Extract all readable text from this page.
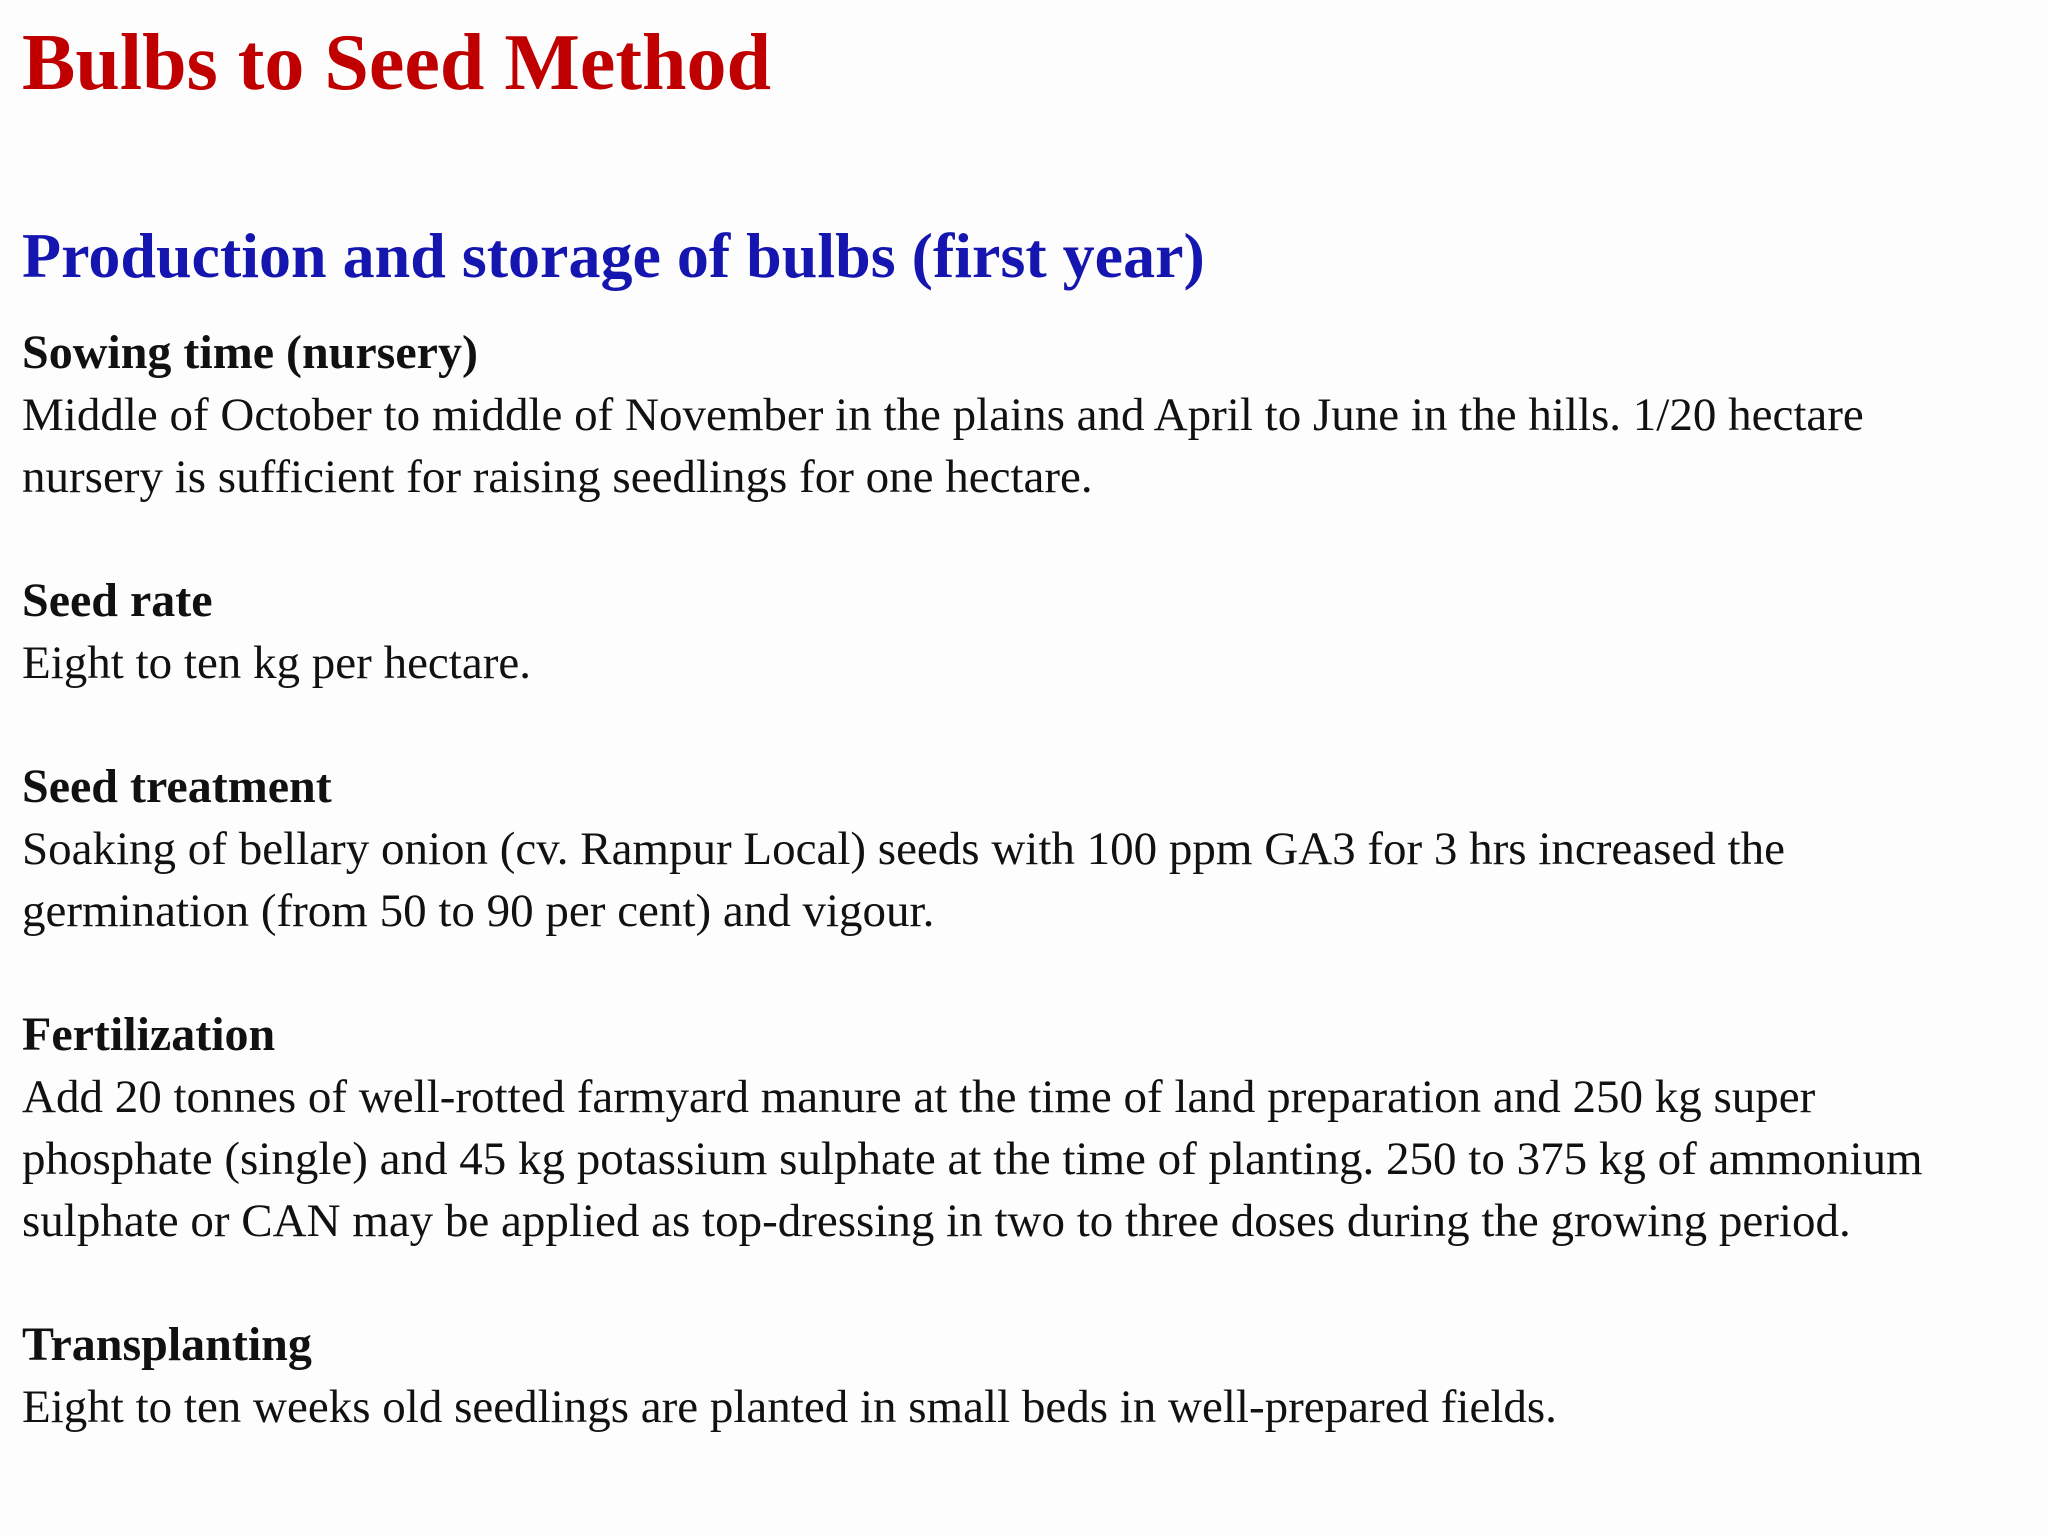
Bulbs to Seed Method
Production and storage of bulbs (first year)
Sowing time (nursery)
Middle of October to middle of November in the plains and April to June in the hills. 1/20 hectare nursery is sufficient for raising seedlings for one hectare.
Seed rate
Eight to ten kg per hectare.
Seed treatment
Soaking of bellary onion (cv. Rampur Local) seeds with 100 ppm GA3 for 3 hrs increased the germination (from 50 to 90 per cent) and vigour.
Fertilization
Add 20 tonnes of well-rotted farmyard manure at the time of land preparation and 250 kg super phosphate (single) and 45 kg potassium sulphate at the time of planting. 250 to 375 kg of ammonium sulphate or CAN may be applied as top-dressing in two to three doses during the growing period.
Transplanting
Eight to ten weeks old seedlings are planted in small beds in well-prepared fields.
